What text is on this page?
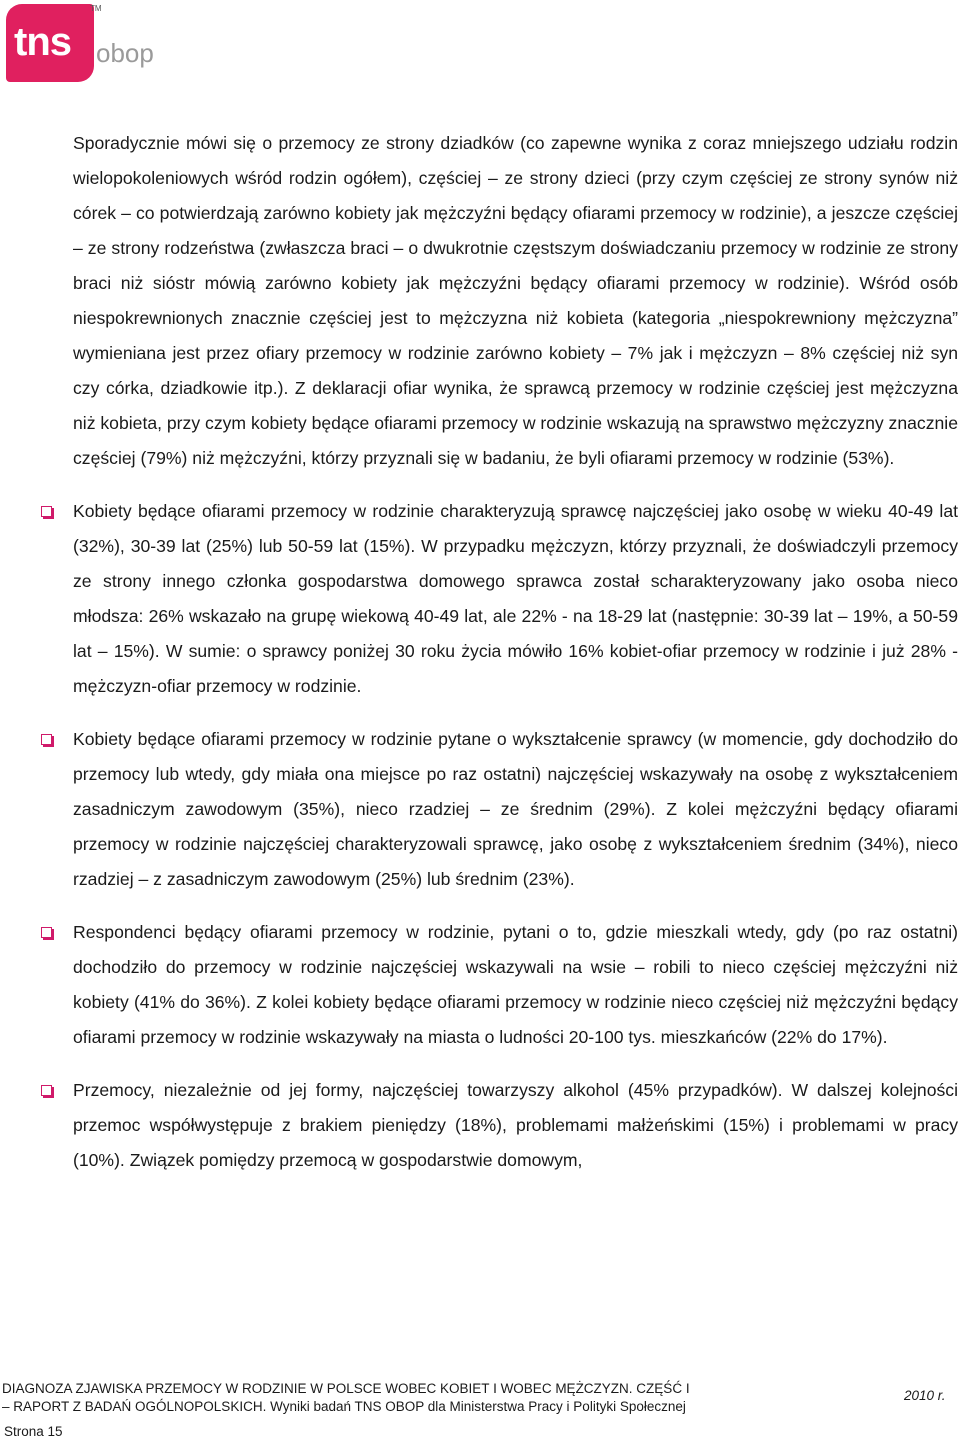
tns
TM
obop

Sporadycznie mówi się o przemocy ze strony dziadków (co zapewne wynika z coraz mniejszego udziału rodzin wielopokoleniowych wśród rodzin ogółem), częściej – ze strony dzieci (przy czym częściej ze strony synów niż córek – co potwierdzają zarówno kobiety jak mężczyźni będący ofiarami przemocy w rodzinie), a jeszcze częściej – ze strony rodzeństwa (zwłaszcza braci – o dwukrotnie częstszym doświadczaniu przemocy w rodzinie ze strony braci niż sióstr mówią zarówno kobiety jak mężczyźni będący ofiarami przemocy w rodzinie). Wśród osób niespokrewnionych znacznie częściej jest to mężczyzna niż kobieta (kategoria „niespokrewniony mężczyzna” wymieniana jest przez ofiary przemocy w rodzinie zarówno kobiety – 7% jak i mężczyzn – 8% częściej niż syn czy córka, dziadkowie itp.). Z deklaracji ofiar wynika, że sprawcą przemocy w rodzinie częściej jest mężczyzna niż kobieta, przy czym kobiety będące ofiarami przemocy w rodzinie wskazują na sprawstwo mężczyzny znacznie częściej (79%) niż mężczyźni, którzy przyznali się w badaniu, że byli ofiarami przemocy w rodzinie (53%).

Kobiety będące ofiarami przemocy w rodzinie charakteryzują sprawcę najczęściej jako osobę w wieku 40-49 lat (32%), 30-39 lat (25%) lub 50-59 lat (15%). W przypadku mężczyzn, którzy przyznali, że doświadczyli przemocy ze strony innego członka gospodarstwa domowego sprawca został scharakteryzowany jako osoba nieco młodsza: 26% wskazało na grupę wiekową 40-49 lat, ale 22% - na 18-29 lat (następnie: 30-39 lat – 19%, a 50-59 lat – 15%). W sumie: o sprawcy poniżej 30 roku życia mówiło 16% kobiet-ofiar przemocy w rodzinie i już 28% - mężczyzn-ofiar przemocy w rodzinie.

Kobiety będące ofiarami przemocy w rodzinie pytane o wykształcenie sprawcy (w momencie, gdy dochodziło do przemocy lub wtedy, gdy miała ona miejsce po raz ostatni) najczęściej wskazywały na osobę z wykształceniem zasadniczym zawodowym (35%), nieco rzadziej – ze średnim (29%). Z kolei mężczyźni będący ofiarami przemocy w rodzinie najczęściej charakteryzowali sprawcę, jako osobę z wykształceniem średnim (34%), nieco rzadziej – z zasadniczym zawodowym (25%) lub średnim (23%).

Respondenci będący ofiarami przemocy w rodzinie, pytani o to, gdzie mieszkali wtedy, gdy (po raz ostatni) dochodziło do przemocy w rodzinie najczęściej wskazywali na wsie – robili to nieco częściej mężczyźni niż kobiety (41% do 36%). Z kolei kobiety będące ofiarami przemocy w rodzinie nieco częściej niż mężczyźni będący ofiarami przemocy w rodzinie wskazywały na miasta o ludności 20-100 tys. mieszkańców (22% do 17%).

Przemocy, niezależnie od jej formy, najczęściej towarzyszy alkohol (45% przypadków). W dalszej kolejności przemoc współwystępuje z brakiem pieniędzy (18%), problemami małżeńskimi (15%) i problemami w pracy (10%). Związek pomiędzy przemocą w gospodarstwie domowym,

DIAGNOZA ZJAWISKA PRZEMOCY W RODZINIE W POLSCE WOBEC KOBIET I WOBEC MĘŻCZYZN. CZĘŚĆ I
– RAPORT Z BADAŃ OGÓLNOPOLSKICH. Wyniki badań TNS OBOP dla Ministerstwa Pracy i Polityki Społecznej
2010 r.
Strona 15
